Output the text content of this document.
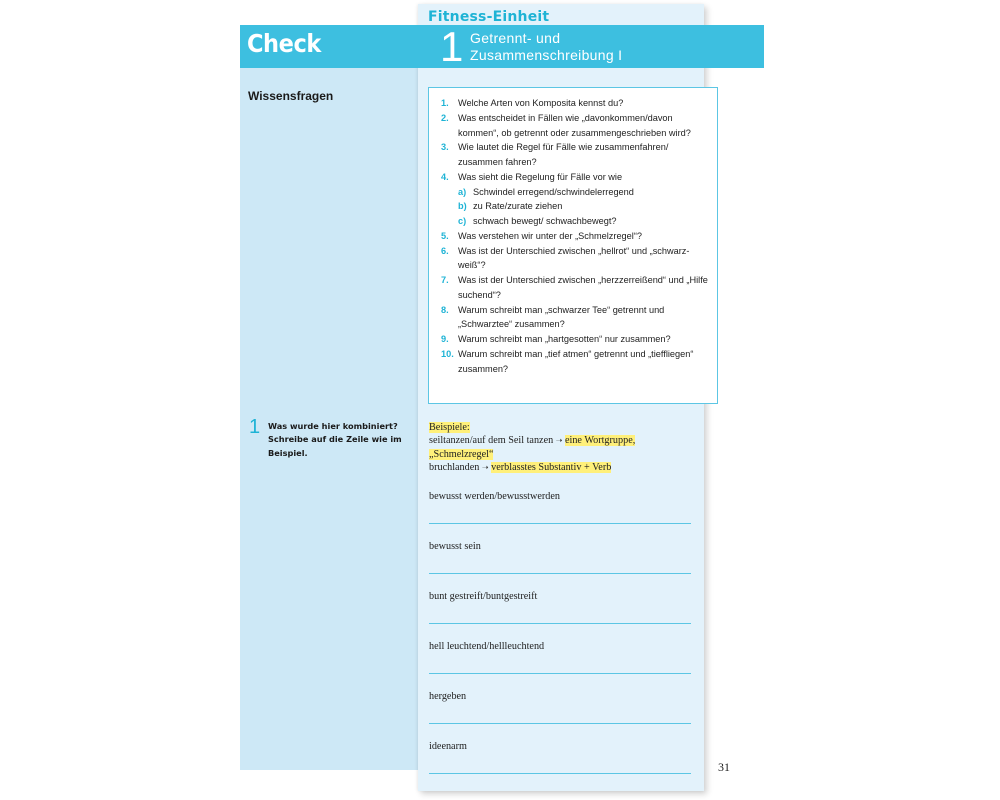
Fitness-Einheit
Check	1 Getrennt- und
Zusammenschreibung I
Wissensfragen	1.	Welche Arten von Komposita kennst du?
2.	Was entscheidet in Fällen wie „davonkommen/davon kommen“, ob getrennt oder zusammengeschrieben wird?
3.	Wie lautet die Regel für Fälle wie zusammenfahren/ zusammen fahren?
4.	Was sieht die Regelung für Fälle vor wie
a) Schwindel erregend/schwindelerregend
b) zu Rate/zurate ziehen
c) schwach bewegt/ schwachbewegt?
5.	Was verstehen wir unter der „Schmelzregel“?
6.	Was ist der Unterschied zwischen „hellrot“ und „schwarz-weiß“?
7.	Was ist der Unterschied zwischen „herzzerreißend“ und „Hilfe suchend“?
8.	Warum schreibt man „schwarzer Tee“ getrennt und „Schwarztee“ zusammen?
9.	Warum schreibt man „hartgesotten“ nur zusammen?
10. Warum schreibt man „tief atmen“ getrennt und „tieffliegen“ zusammen?
1 Was wurde hier kombiniert? Schreibe auf die Zeile wie im Beispiel.
Beispiele:
seiltanzen/auf dem Seil tanzen ➝ eine Wortgruppe, „Schmelzregel“
bruchlanden ➝ verblasstes Substantiv + Verb
bewusst werden/bewusstwerden
bewusst sein
bunt gestreift/buntgestreift
hell leuchtend/hellleuchtend
hergeben
ideenarm
31
